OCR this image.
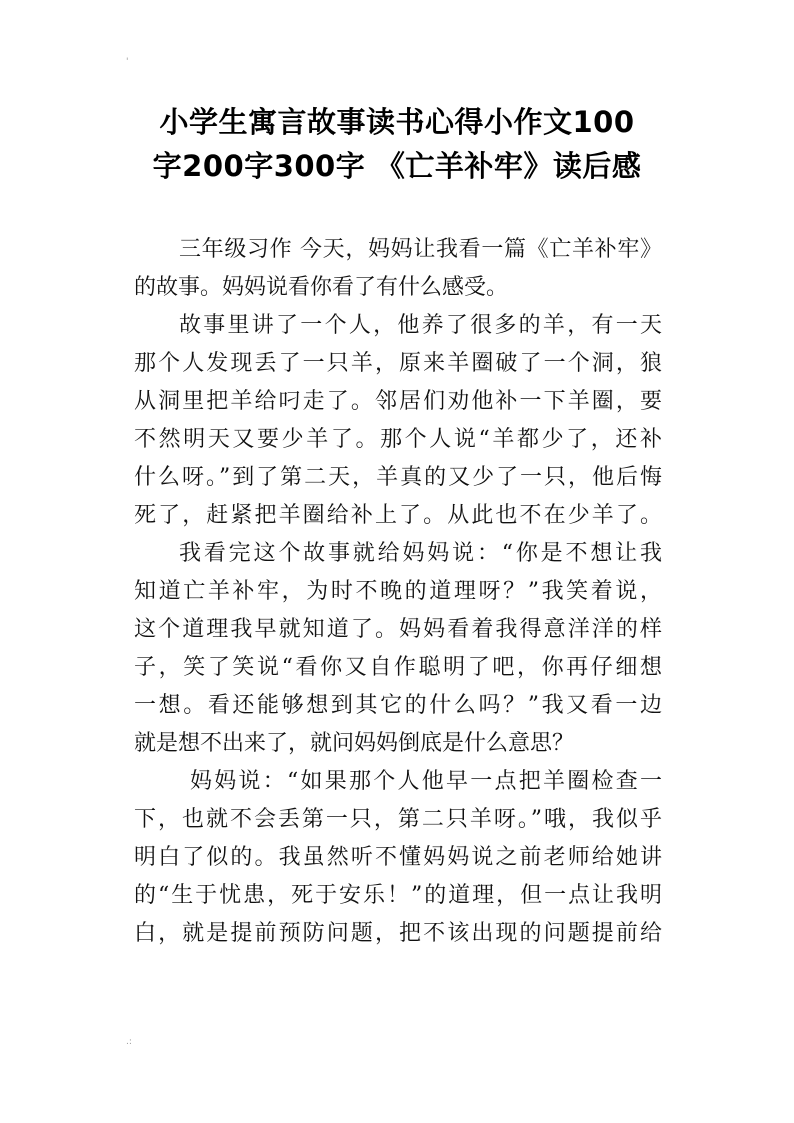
'
小学生寓言故事读书心得小作文100
字200字300字 《亡羊补牢》读后感
三年级习作 今天，妈妈让我看一篇《亡羊补牢》
的故事。妈妈说看你看了有什么感受。
故事里讲了一个人，他养了很多的羊，有一天
那个人发现丢了一只羊，原来羊圈破了一个洞，狼
从洞里把羊给叼走了。邻居们劝他补一下羊圈，要
不然明天又要少羊了。那个人说“羊都少了，还补
什么呀。”到了第二天，羊真的又少了一只，他后悔
死了，赶紧把羊圈给补上了。从此也不在少羊了。
我看完这个故事就给妈妈说：“你是不想让我
知道亡羊补牢，为时不晚的道理呀？”我笑着说，
这个道理我早就知道了。妈妈看着我得意洋洋的样
子，笑了笑说“看你又自作聪明了吧，你再仔细想
一想。看还能够想到其它的什么吗？”我又看一边
就是想不出来了，就问妈妈倒底是什么意思？
妈妈说：“如果那个人他早一点把羊圈检查一
下，也就不会丢第一只，第二只羊呀。”哦，我似乎
明白了似的。我虽然听不懂妈妈说之前老师给她讲
的“生于忧患，死于安乐！”的道理，但一点让我明
白，就是提前预防问题，把不该出现的问题提前给
.:
